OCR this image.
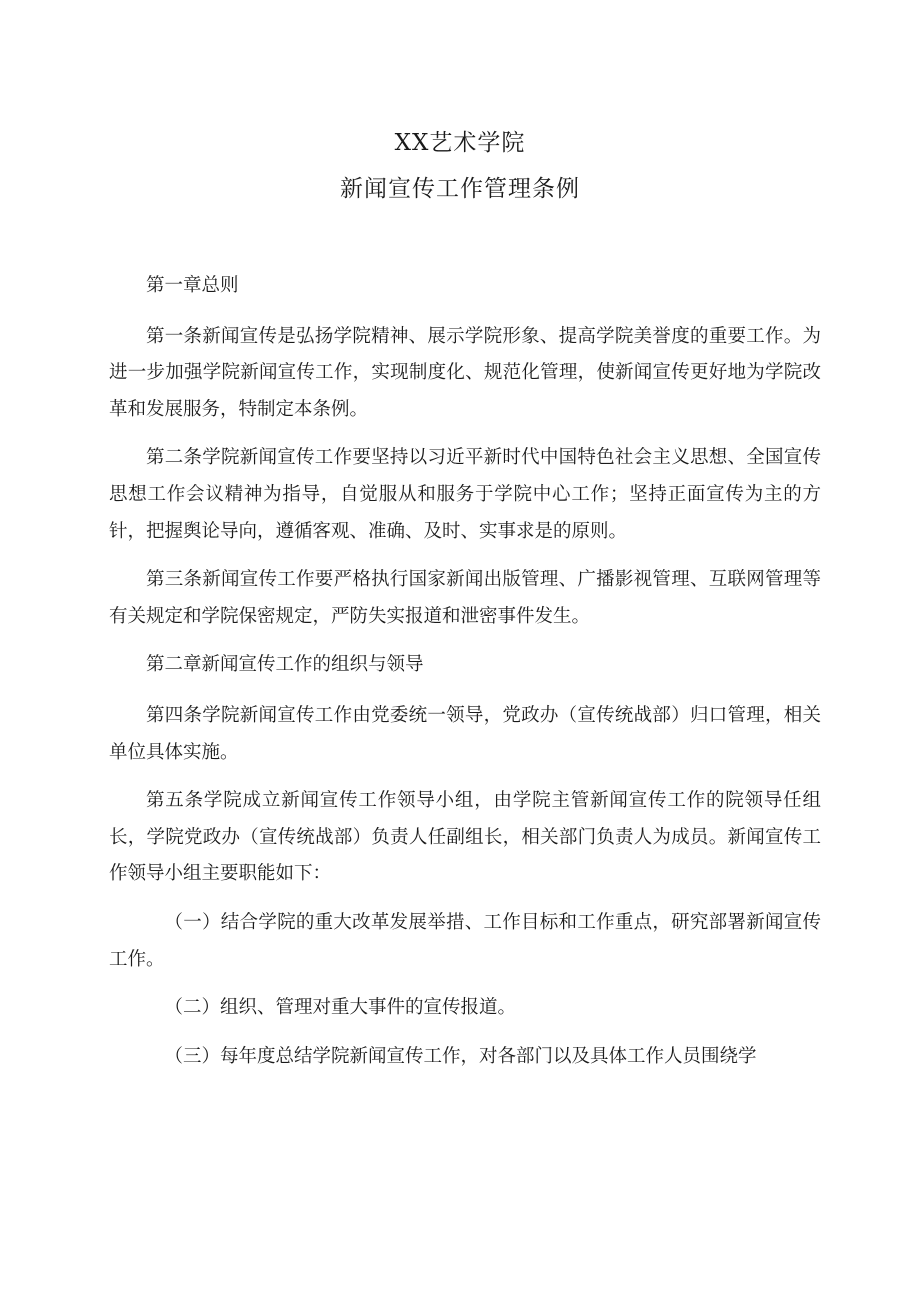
XX艺术学院
新闻宣传工作管理条例

第一章总则

第一条新闻宣传是弘扬学院精神、展示学院形象、提高学院美誉度的重要工作。为进一步加强学院新闻宣传工作，实现制度化、规范化管理，使新闻宣传更好地为学院改革和发展服务，特制定本条例。

第二条学院新闻宣传工作要坚持以习近平新时代中国特色社会主义思想、全国宣传思想工作会议精神为指导，自觉服从和服务于学院中心工作；坚持正面宣传为主的方针，把握舆论导向，遵循客观、准确、及时、实事求是的原则。

第三条新闻宣传工作要严格执行国家新闻出版管理、广播影视管理、互联网管理等有关规定和学院保密规定，严防失实报道和泄密事件发生。

第二章新闻宣传工作的组织与领导

第四条学院新闻宣传工作由党委统一领导，党政办（宣传统战部）归口管理，相关单位具体实施。

第五条学院成立新闻宣传工作领导小组，由学院主管新闻宣传工作的院领导任组长，学院党政办（宣传统战部）负责人任副组长，相关部门负责人为成员。新闻宣传工作领导小组主要职能如下：

（一）结合学院的重大改革发展举措、工作目标和工作重点，研究部署新闻宣传工作。

（二）组织、管理对重大事件的宣传报道。

（三）每年度总结学院新闻宣传工作，对各部门以及具体工作人员围绕学
